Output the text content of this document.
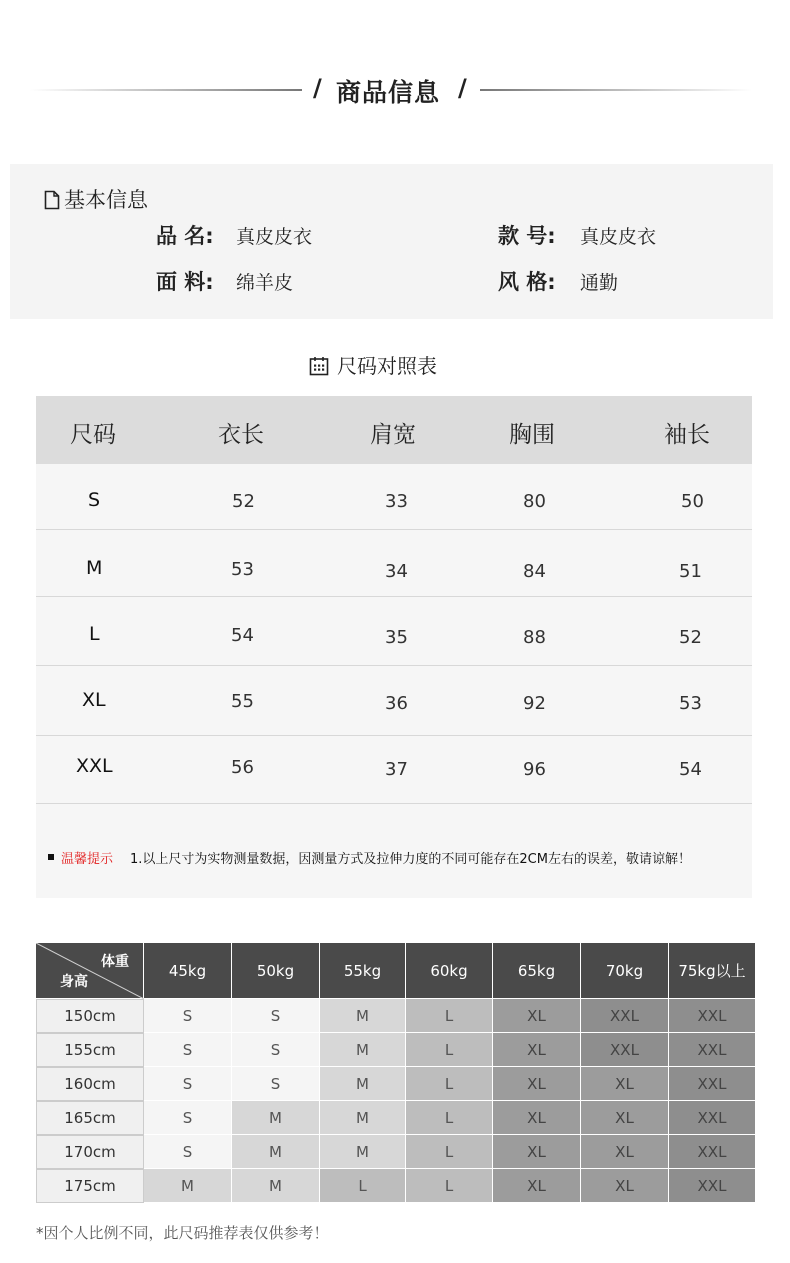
/ 商品信息 /
基本信息
品 名: 真皮皮衣	款 号: 真皮皮衣
面 料: 绵羊皮	风 格: 通勤
尺码对照表
尺码	衣长	肩宽	胸围	袖长
S	52	33	80	50
M	53	34	84	51
L	54	35	88	52
XL	55	36	92	53
XXL	56	37	96	54
温馨提示 1.以上尺寸为实物测量数据，因测量方式及拉伸力度的不同可能存在2CM左右的误差，敬请谅解！
体重
身高
45kg	50kg	55kg	60kg	65kg	70kg	75kg以上
150cm	S	S	M	L	XL	XXL	XXL
155cm	S	S	M	L	XL	XXL	XXL
160cm	S	S	M	L	XL	XL	XXL
165cm	S	M	M	L	XL	XL	XXL
170cm	S	M	M	L	XL	XL	XXL
175cm	M	M	L	L	XL	XL	XXL
*因个人比例不同，此尺码推荐表仅供参考！
